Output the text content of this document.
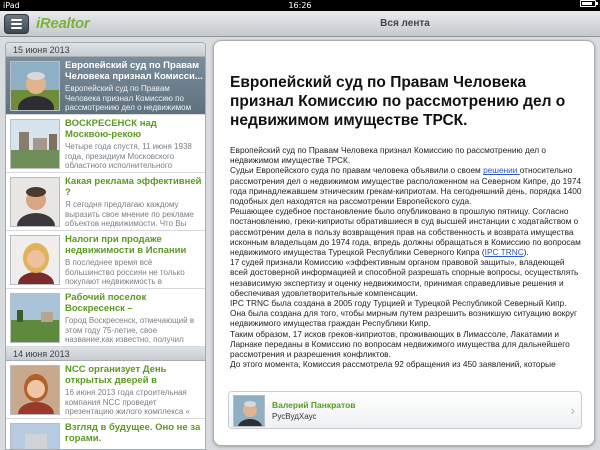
iPad	16:26
iRealtor	Вся лента
15 июня 2013
Европейский суд по Правам Человека признал Комисси...
Европейский суд по Правам Человека признал Комиссию по рассмотрению дел о недвижимом
ВОСКРЕСЕНСК над Москвою-рекою
Четыре года спустя, 11 июня 1938 года, президиум Московского областного исполнительного
Какая реклама эффективней ?
Я сегодня предлагаю каждому выразить свое мнение по рекламе объектов недвижимости. Что Вы
Налоги при продаже недвижимости в Испании
В последнее время всё большинство россиян не только покупают недвижимость в
Рабочий поселок Воскресенск –
Город Воскресенск, отмечающий в этом году 75-летие, свое название,как известно, получил
14 июня 2013
NCC организует День открытых дверей в
16 июня 2013 года строительная компания NCC проведет презентацию жилого комплекса «
Взгляд в будущее. Оно не за горами.
Европейский суд по Правам Человека признал Комиссию по рассмотрению дел о недвижимом имуществе ТРСК.

Европейский суд по Правам Человека признал Комиссию по рассмотрению дел о недвижимом имуществе ТРСК.

Судьи Европейского суда по правам человека объявили о своем решении относительно рассмотрения дел о недвижимом имуществе расположенном на Северном Кипре, до 1974 года принадлежавшем этническим грекам-киприотам. На сегодняшний день, порядка 1400 подобных дел находятся на рассмотрении Европейского суда.

Решающее судебное постановление было опубликовано в прошлую пятницу. Согласно постановлению, греки-киприоты обратившиеся в суд высшей инстанции с ходатайством о рассмотрении дела в пользу возвращения прав на собственность и возврата имущества исконным владельцам до 1974 года, впредь должны обращаться в Комиссию по вопросам недвижимого имущества Турецкой Республики Северного Кипра (IPC TRNC).

17 судей признали Комиссию «эффективным органом правовой защиты», владеющей всей достоверной информацией и способной разрешать спорные вопросы, осуществлять независимую экспертизу и оценку недвижимости, принимая справедливые решения и обеспечивая удовлетворительные компенсации.

IPC TRNC была создана в 2005 году Турцией и Турецкой Республикой Северный Кипр. Она была создана для того, чтобы мирным путем разрешить возникшую ситуацию вокруг недвижимого имущества граждан Республики Кипр.

Таким образом, 17 исков греков-киприотов, проживающих в Лимассоле, Лакатамии и Ларнаке переданы в Комиссию по вопросам недвижимого имущества для дальнейшего рассмотрения и разрешения конфликтов.

До этого момента, Комиссия рассмотрела 92 обращения из 450 заявлений, которые

Валерий Панкратов
РусВудХаус	›
